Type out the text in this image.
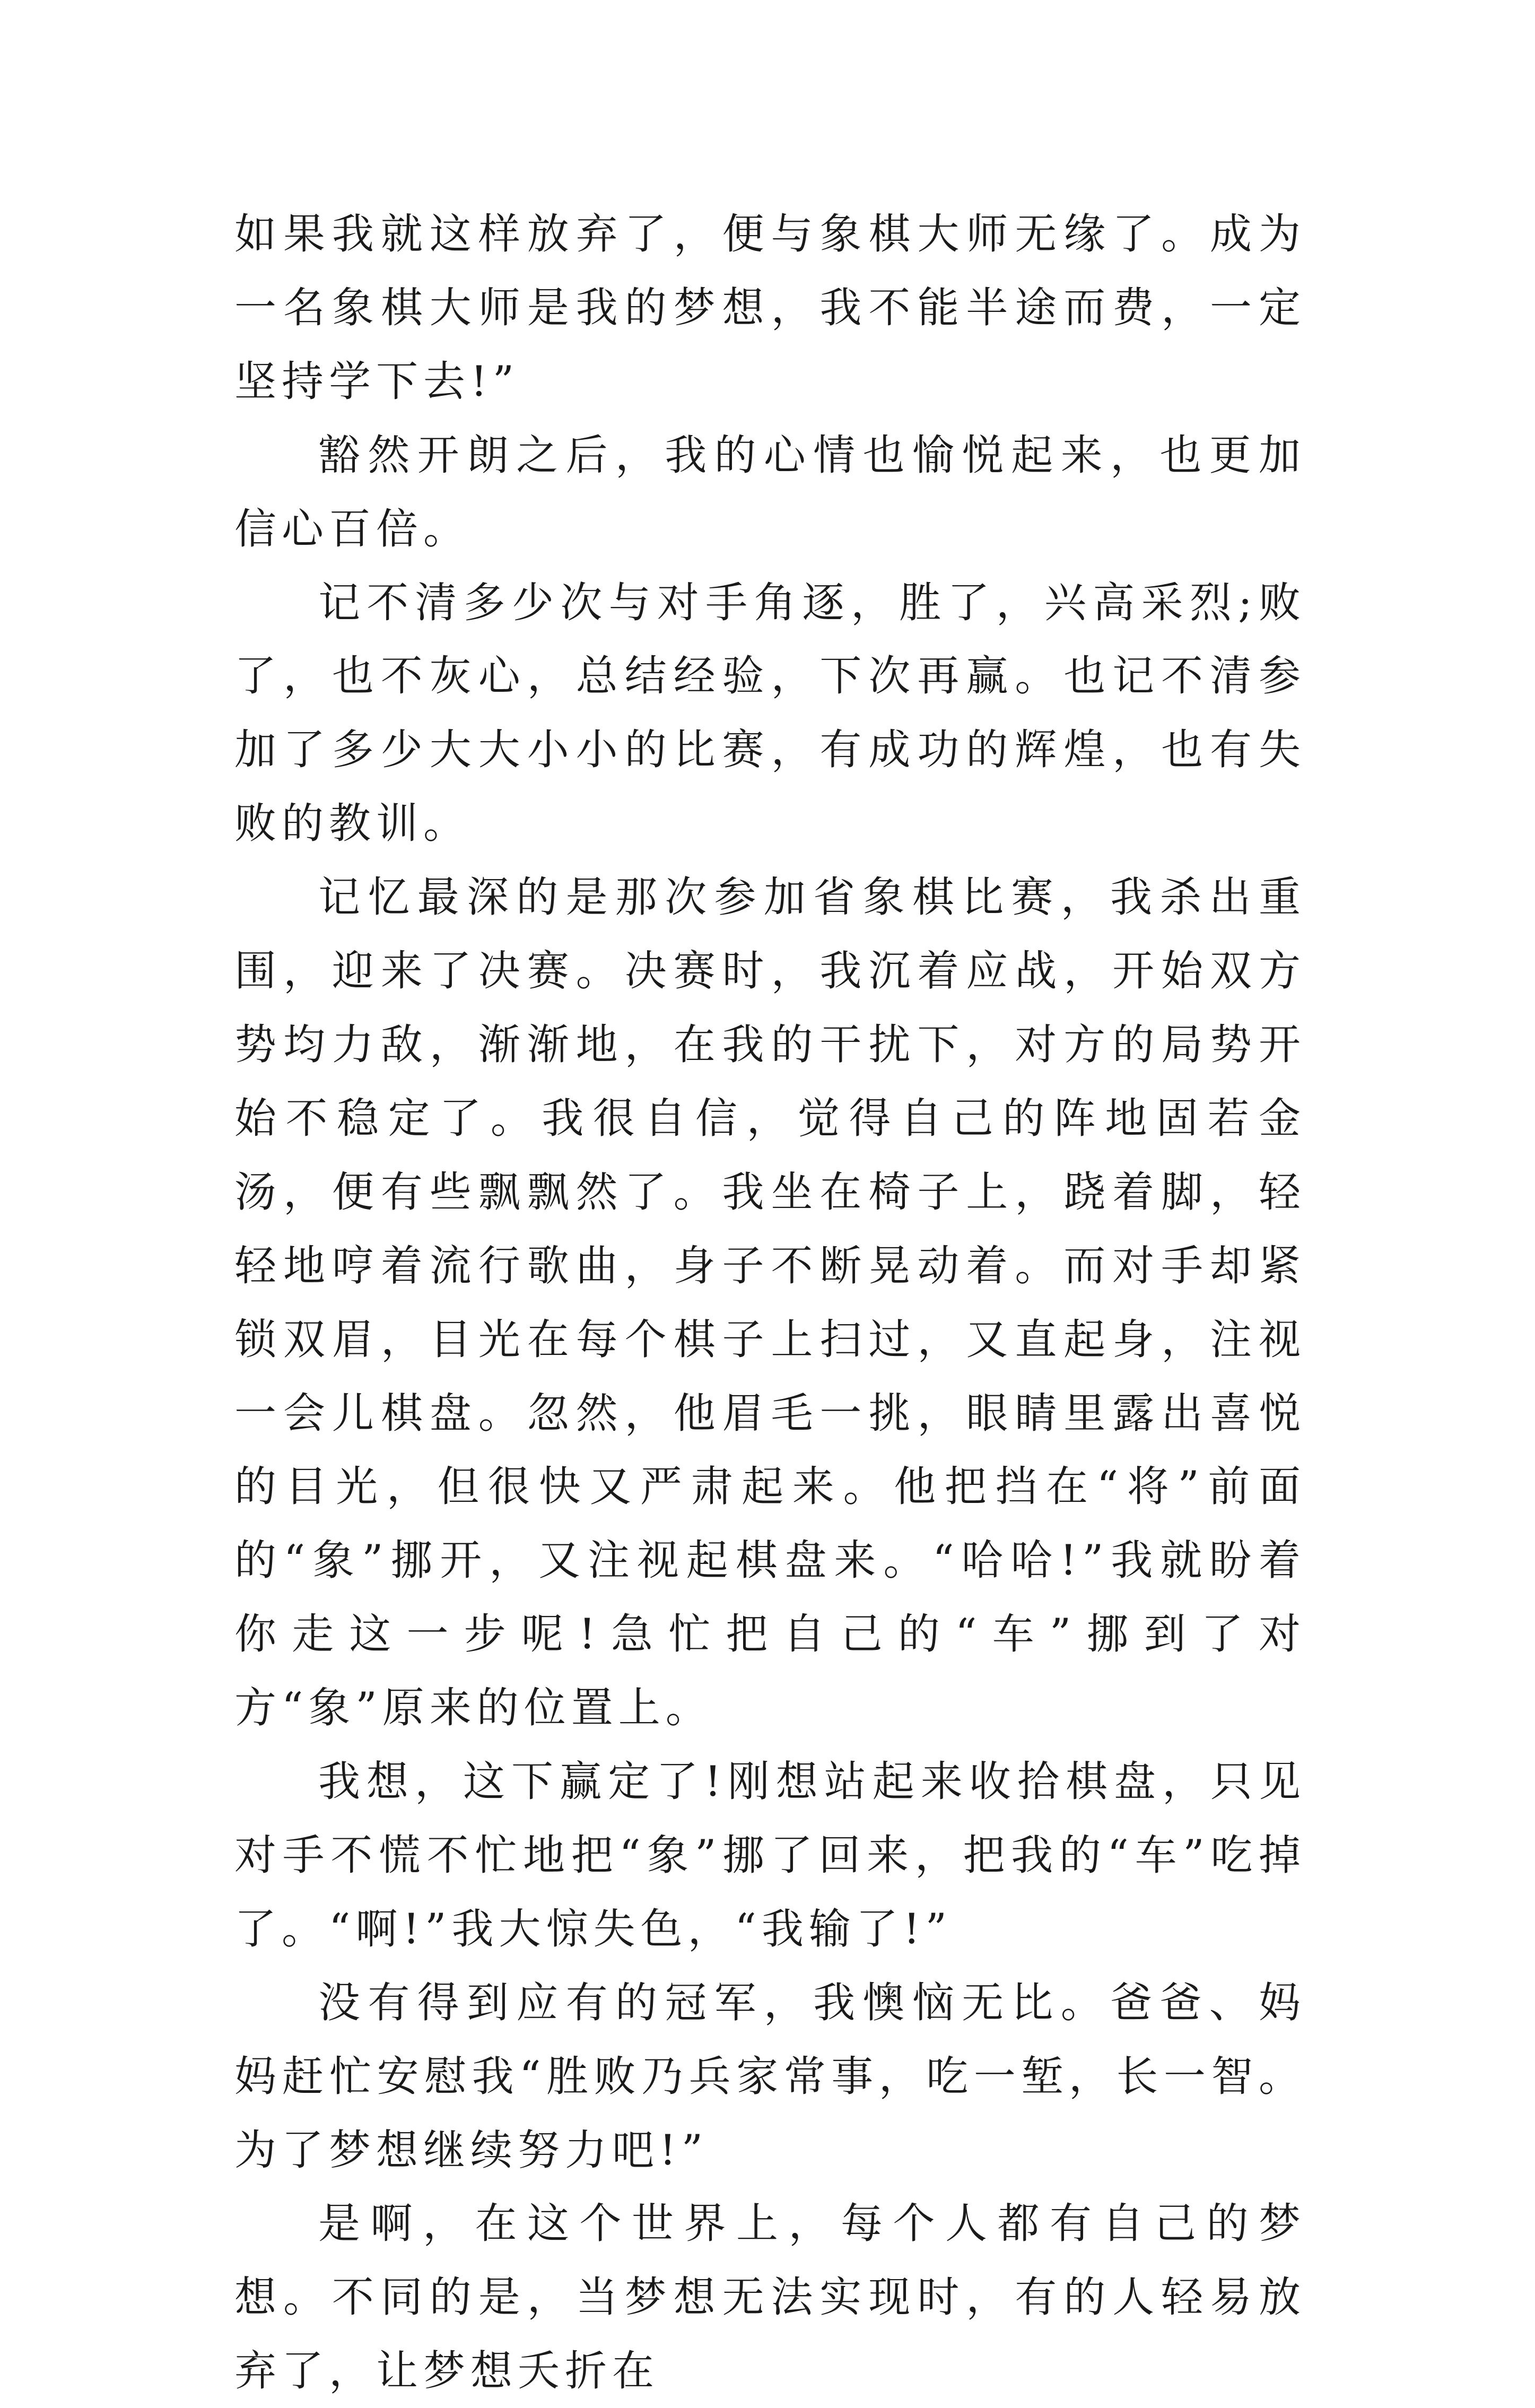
如果我就这样放弃了，便与象棋大师无缘了。成为一名象棋大师是我的梦想，我不能半途而费，一定坚持学下去!”

豁然开朗之后，我的心情也愉悦起来，也更加信心百倍。

记不清多少次与对手角逐，胜了，兴高采烈;败了，也不灰心，总结经验，下次再赢。也记不清参加了多少大大小小的比赛，有成功的辉煌，也有失败的教训。

记忆最深的是那次参加省象棋比赛，我杀出重围，迎来了决赛。决赛时，我沉着应战，开始双方势均力敌，渐渐地，在我的干扰下，对方的局势开始不稳定了。我很自信，觉得自己的阵地固若金汤，便有些飘飘然了。我坐在椅子上，跷着脚，轻轻地哼着流行歌曲，身子不断晃动着。而对手却紧锁双眉，目光在每个棋子上扫过，又直起身，注视一会儿棋盘。忽然，他眉毛一挑，眼睛里露出喜悦的目光，但很快又严肃起来。他把挡在“将”前面的“象”挪开，又注视起棋盘来。“哈哈!”我就盼着你走这一步呢!急忙把自己的“车”挪到了对方“象”原来的位置上。

我想，这下赢定了!刚想站起来收拾棋盘，只见对手不慌不忙地把“象”挪了回来，把我的“车”吃掉了。“啊!”我大惊失色，“我输了!”

没有得到应有的冠军，我懊恼无比。爸爸、妈妈赶忙安慰我“胜败乃兵家常事，吃一堑，长一智。为了梦想继续努力吧!”

是啊，在这个世界上，每个人都有自己的梦想。不同的是，当梦想无法实现时，有的人轻易放弃了，让梦想夭折在
